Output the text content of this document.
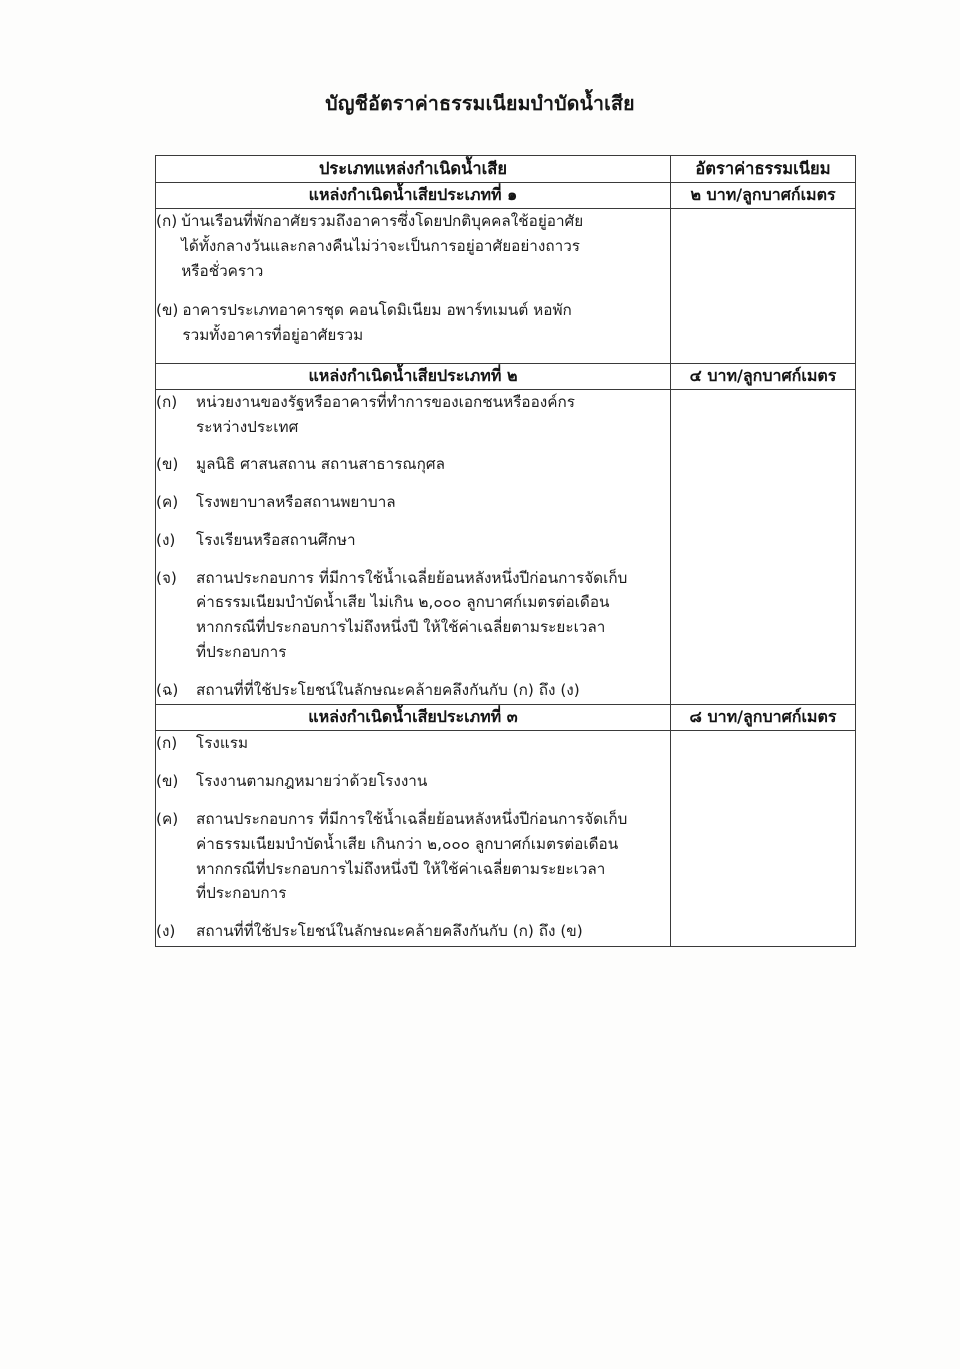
บัญชีอัตราค่าธรรมเนียมบำบัดน้ำเสีย
ประเภทแหล่งกำเนิดน้ำเสีย	อัตราค่าธรรมเนียม
แหล่งกำเนิดน้ำเสียประเภทที่ ๑	๒ บาท/ลูกบาศก์เมตร

(ก) บ้านเรือนที่พักอาศัยรวมถึงอาคารซึ่งโดยปกติบุคคลใช้อยู่อาศัย
ได้ทั้งกลางวันและกลางคืนไม่ว่าจะเป็นการอยู่อาศัยอย่างถาวร
หรือชั่วคราว
(ข) อาคารประเภทอาคารชุด คอนโดมิเนียม อพาร์ทเมนต์ หอพัก
รวมทั้งอาคารที่อยู่อาศัยรวม

แหล่งกำเนิดน้ำเสียประเภทที่ ๒	๔ บาท/ลูกบาศก์เมตร

(ก)	หน่วยงานของรัฐหรืออาคารที่ทำการของเอกชนหรือองค์กร
ระหว่างประเทศ
(ข)	มูลนิธิ ศาสนสถาน สถานสาธารณกุศล
(ค)	โรงพยาบาลหรือสถานพยาบาล
(ง)	โรงเรียนหรือสถานศึกษา
(จ)	สถานประกอบการ ที่มีการใช้น้ำเฉลี่ยย้อนหลังหนึ่งปีก่อนการจัดเก็บ
ค่าธรรมเนียมบำบัดน้ำเสีย ไม่เกิน ๒,๐๐๐ ลูกบาศก์เมตรต่อเดือน
หากกรณีที่ประกอบการไม่ถึงหนึ่งปี ให้ใช้ค่าเฉลี่ยตามระยะเวลา
ที่ประกอบการ
(ฉ)	สถานที่ที่ใช้ประโยชน์ในลักษณะคล้ายคลึงกันกับ (ก) ถึง (ง)

แหล่งกำเนิดน้ำเสียประเภทที่ ๓	๘ บาท/ลูกบาศก์เมตร

(ก)	โรงแรม
(ข)	โรงงานตามกฎหมายว่าด้วยโรงงาน
(ค)	สถานประกอบการ ที่มีการใช้น้ำเฉลี่ยย้อนหลังหนึ่งปีก่อนการจัดเก็บ
ค่าธรรมเนียมบำบัดน้ำเสีย เกินกว่า ๒,๐๐๐ ลูกบาศก์เมตรต่อเดือน
หากกรณีที่ประกอบการไม่ถึงหนึ่งปี ให้ใช้ค่าเฉลี่ยตามระยะเวลา
ที่ประกอบการ
(ง)	สถานที่ที่ใช้ประโยชน์ในลักษณะคล้ายคลึงกันกับ (ก) ถึง (ข)
